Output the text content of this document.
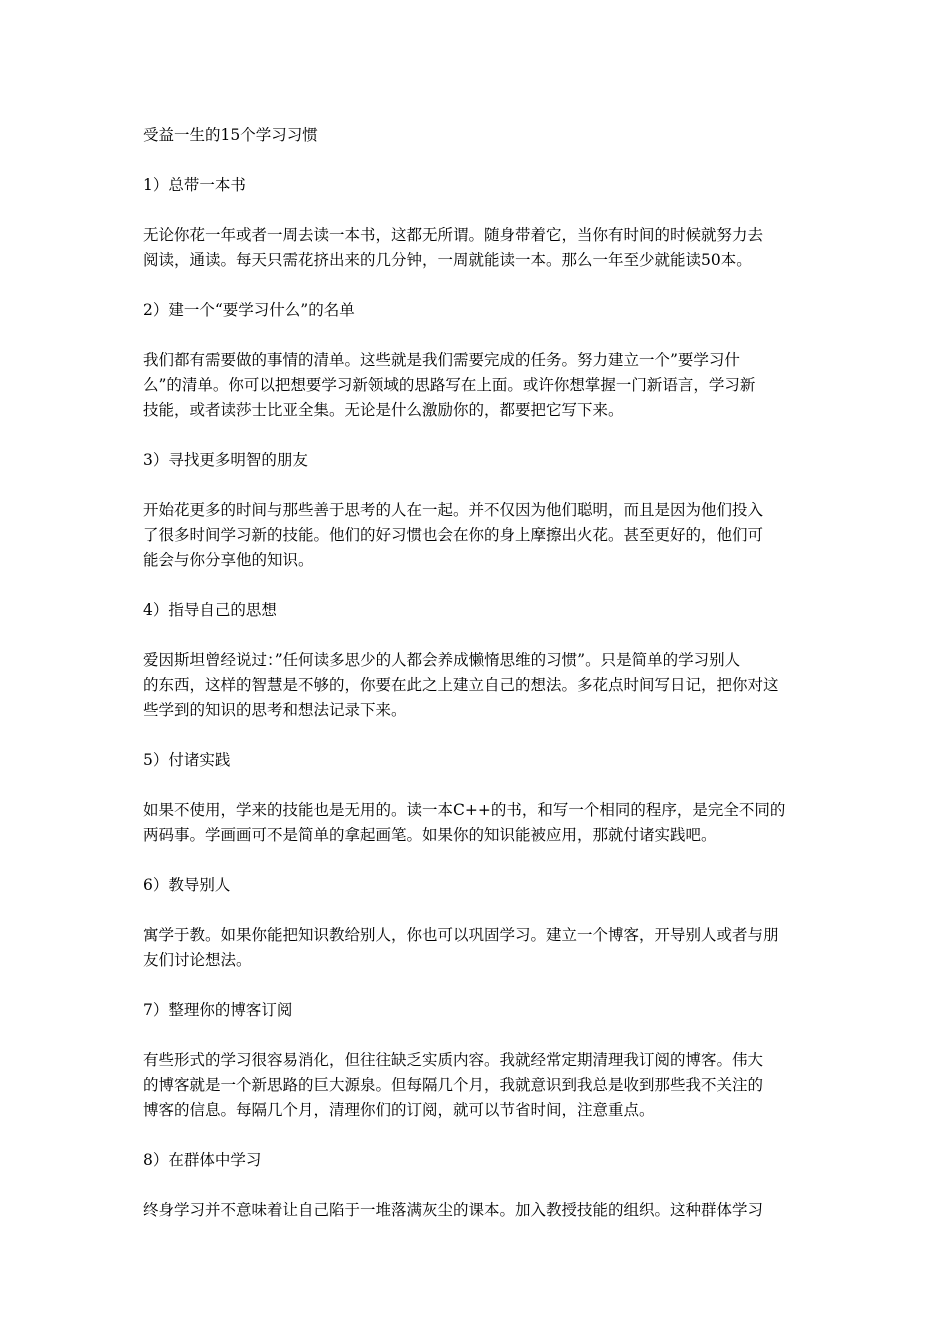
受益一生的15个学习习惯

1）总带一本书

无论你花一年或者一周去读一本书，这都无所谓。随身带着它，当你有时间的时候就努力去

阅读，通读。每天只需花挤出来的几分钟，一周就能读一本。那么一年至少就能读50本。

2）建一个“要学习什么”的名单

我们都有需要做的事情的清单。这些就是我们需要完成的任务。努力建立一个”要学习什

么”的清单。你可以把想要学习新领域的思路写在上面。或许你想掌握一门新语言，学习新

技能，或者读莎士比亚全集。无论是什么激励你的，都要把它写下来。

3）寻找更多明智的朋友

开始花更多的时间与那些善于思考的人在一起。并不仅因为他们聪明，而且是因为他们投入

了很多时间学习新的技能。他们的好习惯也会在你的身上摩擦出火花。甚至更好的，他们可

能会与你分享他的知识。

4）指导自己的思想

爱因斯坦曾经说过：”任何读多思少的人都会养成懒惰思维的习惯”。只是简单的学习别人

的东西，这样的智慧是不够的，你要在此之上建立自己的想法。多花点时间写日记，把你对这

些学到的知识的思考和想法记录下来。

5）付诸实践

如果不使用，学来的技能也是无用的。读一本C++的书，和写一个相同的程序，是完全不同的

两码事。学画画可不是简单的拿起画笔。如果你的知识能被应用，那就付诸实践吧。

6）教导别人

寓学于教。如果你能把知识教给别人，你也可以巩固学习。建立一个博客，开导别人或者与朋

友们讨论想法。

7）整理你的博客订阅

有些形式的学习很容易消化，但往往缺乏实质内容。我就经常定期清理我订阅的博客。伟大

的博客就是一个新思路的巨大源泉。但每隔几个月，我就意识到我总是收到那些我不关注的

博客的信息。每隔几个月，清理你们的订阅，就可以节省时间，注意重点。

8）在群体中学习

终身学习并不意味着让自己陷于一堆落满灰尘的课本。加入教授技能的组织。这种群体学习
